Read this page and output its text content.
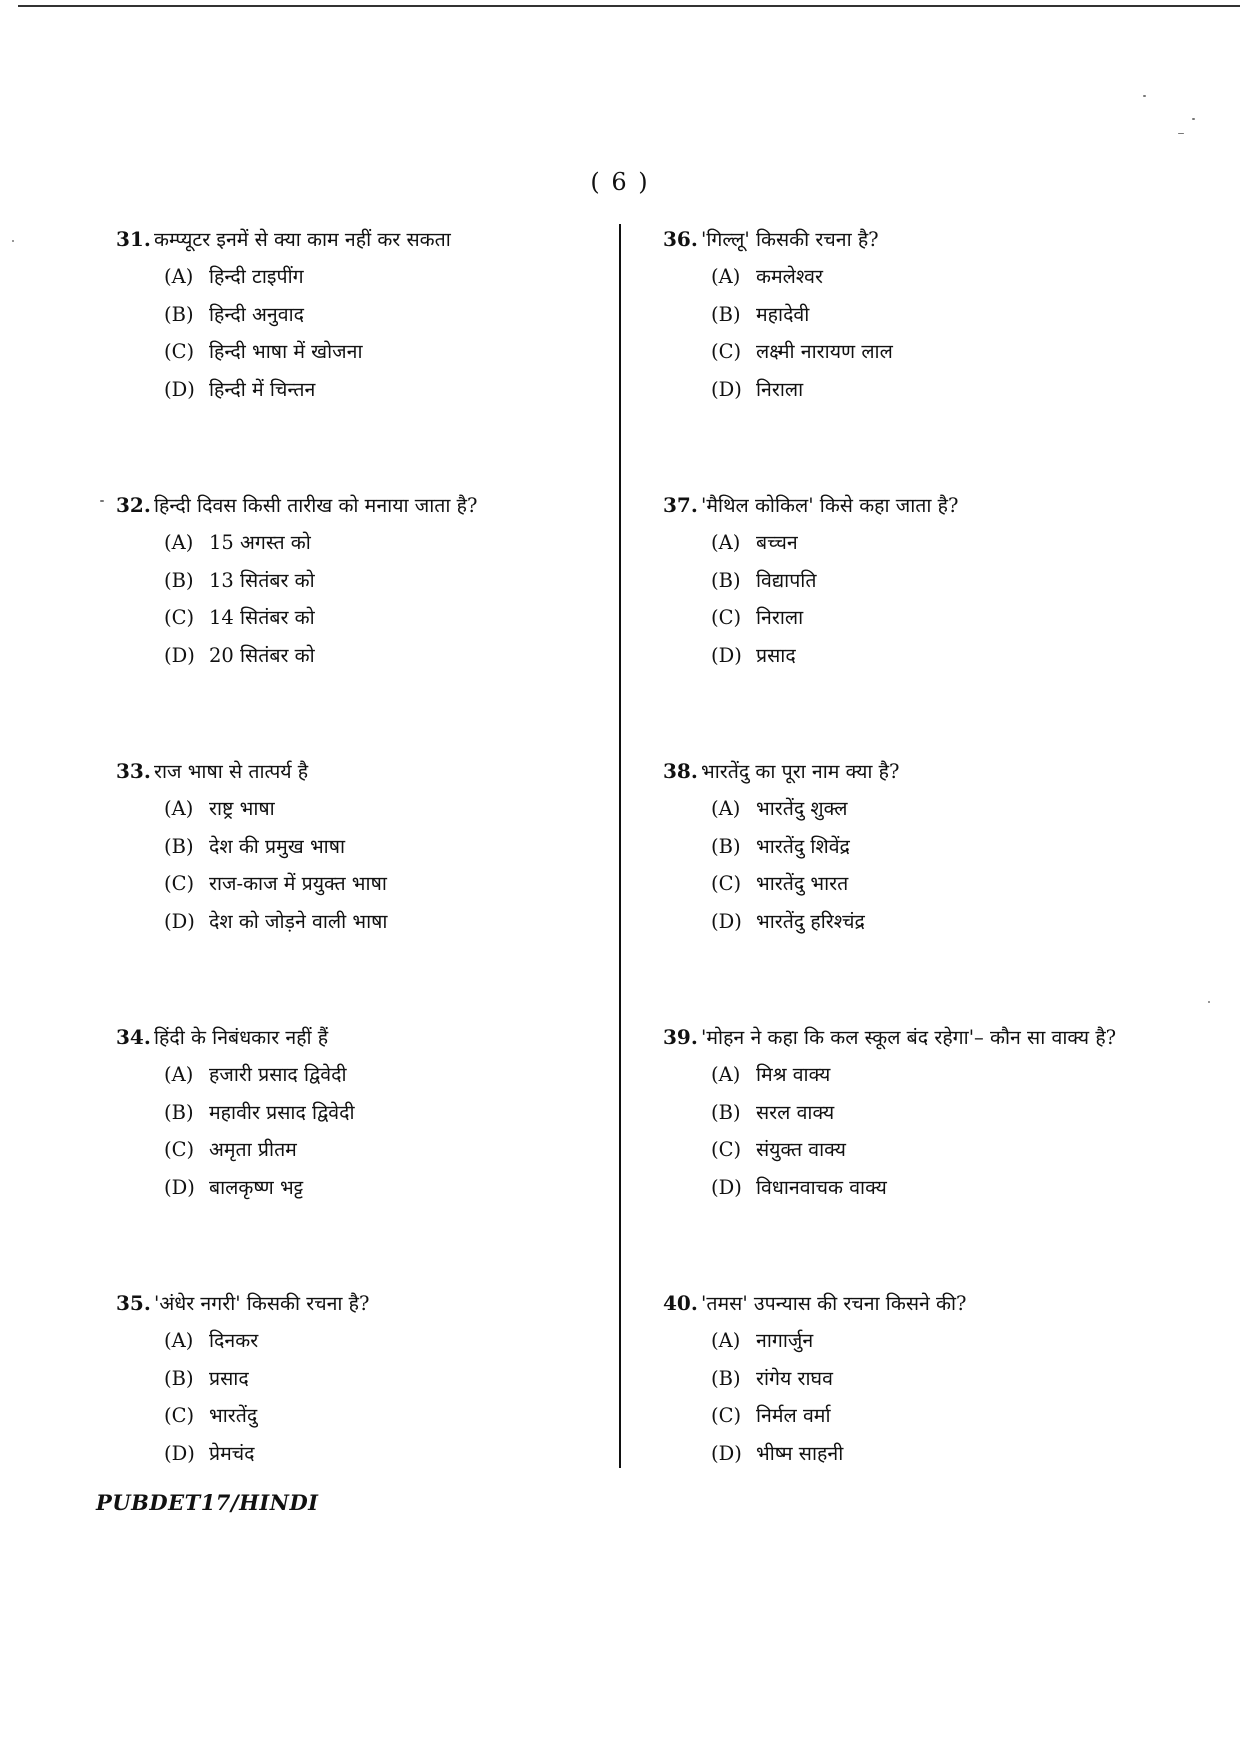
( 6 )
31. कम्प्यूटर इनमें से क्या काम नहीं कर सकता
(A) हिन्दी टाइपींग
(B) हिन्दी अनुवाद
(C) हिन्दी भाषा में खोजना
(D) हिन्दी में चिन्तन
32. हिन्दी दिवस किसी तारीख को मनाया जाता है?
(A) 15 अगस्त को
(B) 13 सितंबर को
(C) 14 सितंबर को
(D) 20 सितंबर को
33. राज भाषा से तात्पर्य है
(A) राष्ट्र भाषा
(B) देश की प्रमुख भाषा
(C) राज-काज में प्रयुक्त भाषा
(D) देश को जोड़ने वाली भाषा
34. हिंदी के निबंधकार नहीं हैं
(A) हजारी प्रसाद द्विवेदी
(B) महावीर प्रसाद द्विवेदी
(C) अमृता प्रीतम
(D) बालकृष्ण भट्ट
35. 'अंधेर नगरी' किसकी रचना है?
(A) दिनकर
(B) प्रसाद
(C) भारतेंदु
(D) प्रेमचंद
36. 'गिल्लू' किसकी रचना है?
(A) कमलेश्वर
(B) महादेवी
(C) लक्ष्मी नारायण लाल
(D) निराला
37. 'मैथिल कोकिल' किसे कहा जाता है?
(A) बच्चन
(B) विद्यापति
(C) निराला
(D) प्रसाद
38. भारतेंदु का पूरा नाम क्या है?
(A) भारतेंदु शुक्ल
(B) भारतेंदु शिवेंद्र
(C) भारतेंदु भारत
(D) भारतेंदु हरिश्चंद्र
39. 'मोहन ने कहा कि कल स्कूल बंद रहेगा'– कौन सा वाक्य है?
(A) मिश्र वाक्य
(B) सरल वाक्य
(C) संयुक्त वाक्य
(D) विधानवाचक वाक्य
40. 'तमस' उपन्यास की रचना किसने की?
(A) नागार्जुन
(B) रांगेय राघव
(C) निर्मल वर्मा
(D) भीष्म साहनी
PUBDET17/HINDI
